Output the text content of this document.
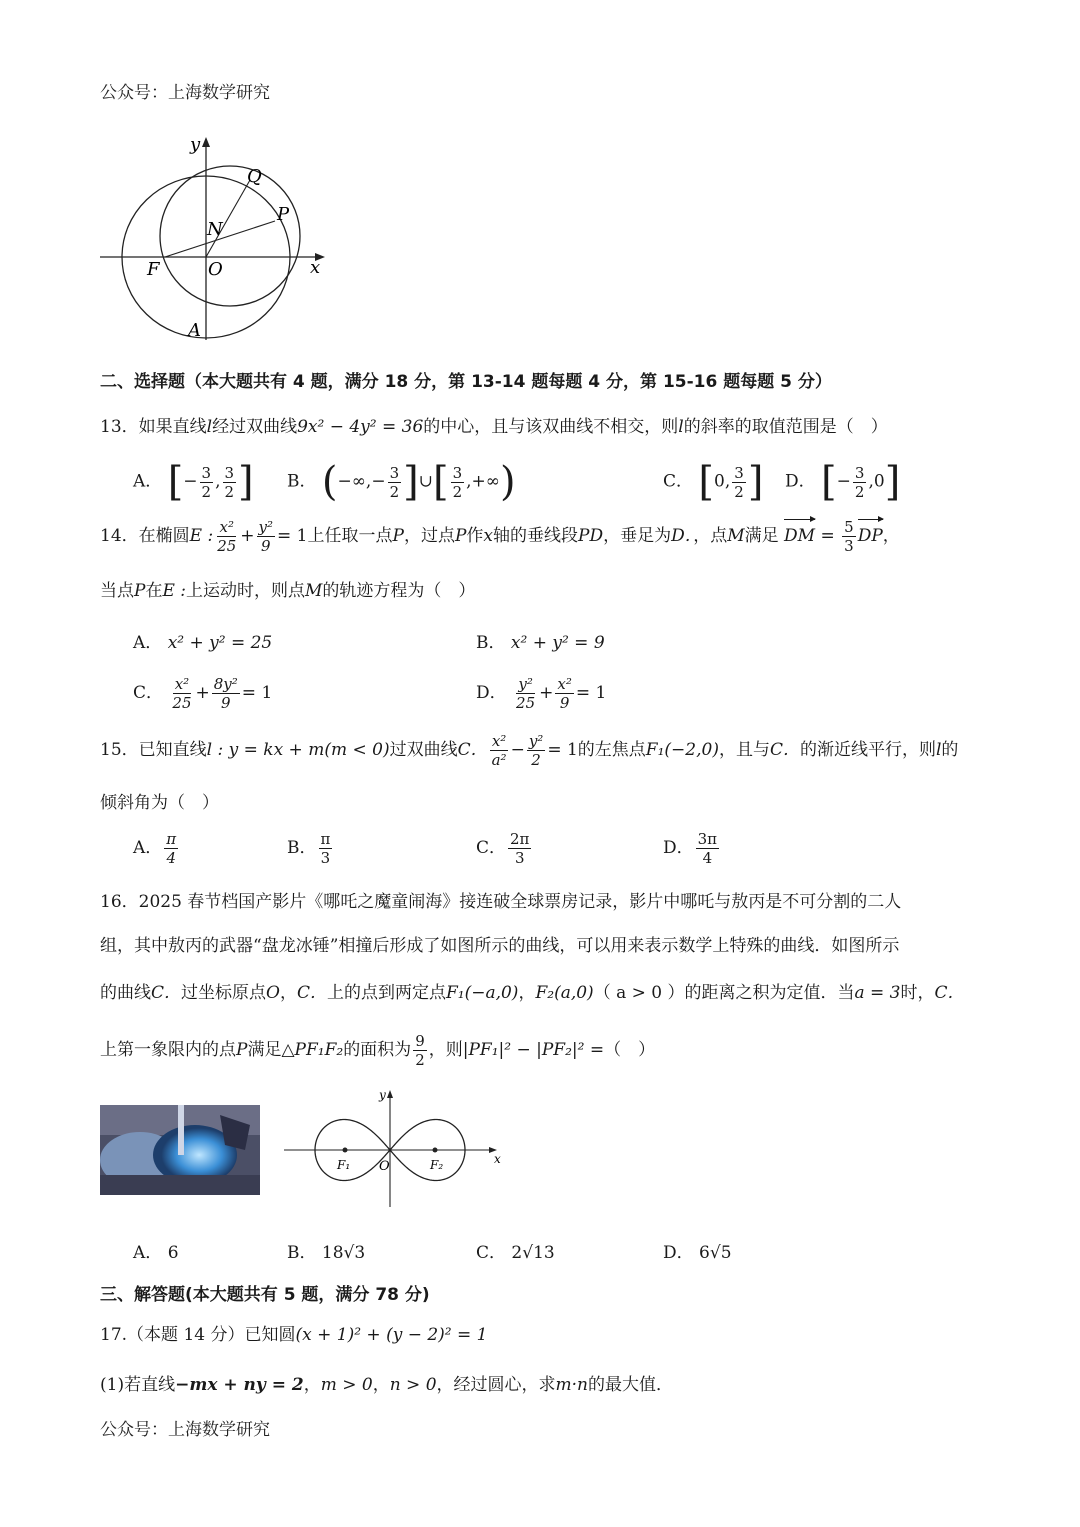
公众号：上海数学研究
y
x
Q
P
N
F	O
A
二、选择题（本大题共有 4 题，满分 18 分，第 13-14 题每题 4 分，第 15-16 题每题 5 分）
13．如果直线l经过双曲线9x² − 4y² = 36的中心，且与该双曲线不相交，则l的斜率的取值范围是（　）
A． [− $\frac{3}{2}$ , $\frac{3}{2}$ ] B． (−∞,− $\frac{3}{2}$ ]∪[ $\frac{3}{2}$ ,+∞)	C． [0, $\frac{3}{2}$ ] D． [− $\frac{3}{2} ,0$]
14．在椭圆E : $\frac{\text{x²}}{25} + \frac{\text{y²}}{9} = 1$上任取一点P，过点P作x轴的垂线段PD，垂足为D．，点M满足 DM = $\frac{5}{3}$ DP，
当点P在E :上运动时，则点M的轨迹方程为（　）
A． x² + y² = 25	B． x² + y² = 9
C． $\frac{\text{x²}}{25} + \frac{\text{8y²}}{9} = 1$	D． $\frac{\text{y²}}{25} + \frac{\text{x²}}{9} = 1$
15．已知直线l : y = kx + m(m < 0)过双曲线C． $\frac{\text{x²}}{\text{a²}} - \frac{\text{y²}}{2} = 1$的左焦点F₁(−2,0)，且与C．的渐近线平行，则l的
倾斜角为（　）
A． $\frac{\pi}{4}$	B． $\frac{\pi}{3}$	C． $\frac{2\pi}{3}$	D． $\frac{3\pi}{4}$
16．2025 春节档国产影片《哪吒之魔童闹海》接连破全球票房记录，影片中哪吒与敖丙是不可分割的二人
组，其中敖丙的武器“盘龙冰锤”相撞后形成了如图所示的曲线，可以用来表示数学上特殊的曲线．如图所示
的曲线C．过坐标原点O，C．上的点到两定点F₁(−a,0)，F₂(a,0)（ a > 0 ）的距离之积为定值．当a = 3时，C．
上第一象限内的点P满足△PF₁F₂的面积为 $\frac{9}{2}$ ，则|PF₁|² − |PF₂|² =（　）
y
x
F₁	F₂
O
A． 6	B． 18√3	C． 2√13	D． 6√5
三、解答题(本大题共有 5 题，满分 78 分)
17.（本题 14 分）已知圆(x + 1)² + (y − 2)² = 1
(1)若直线−mx + ny = 2，m > 0，n > 0，经过圆心，求m·n的最大值．
公众号：上海数学研究
